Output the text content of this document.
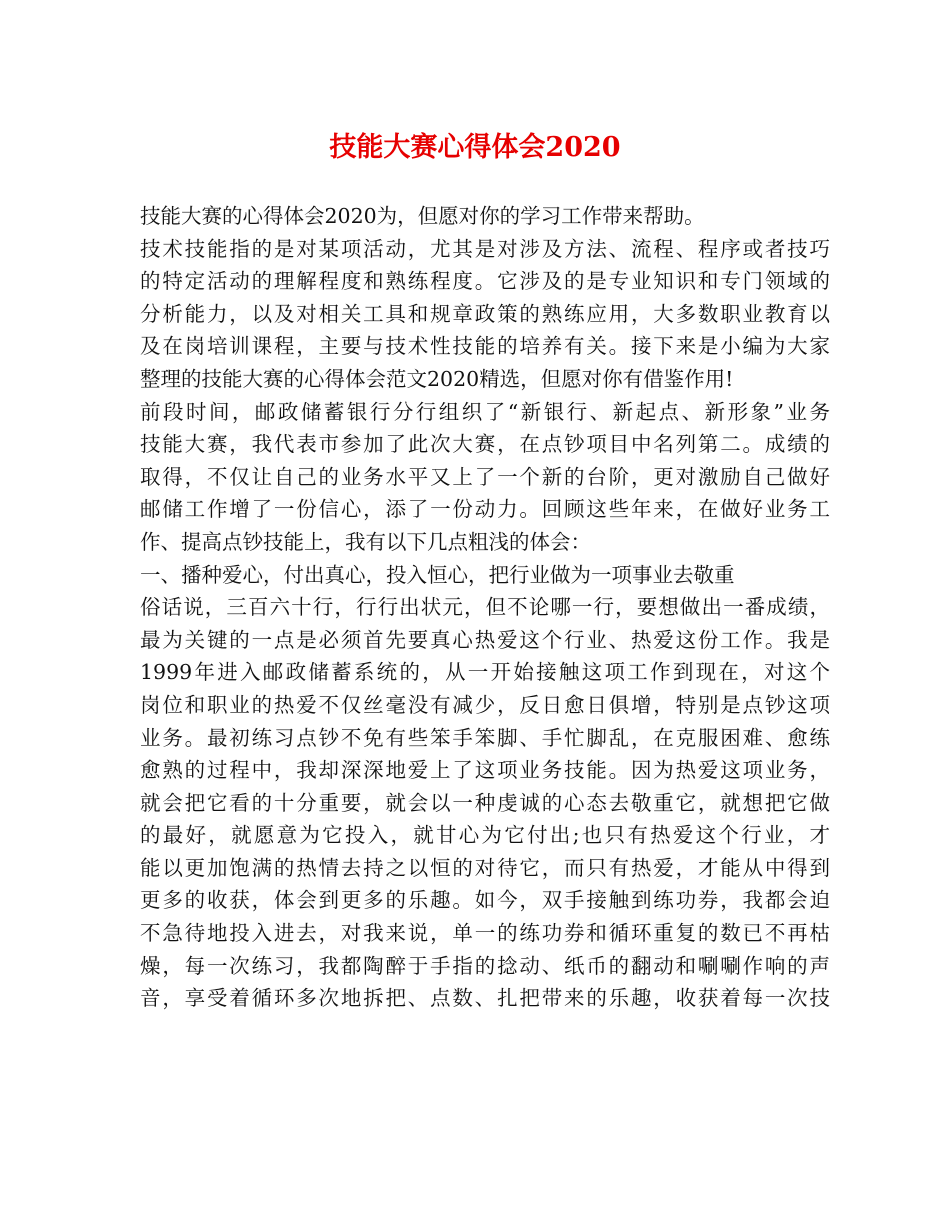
技能大赛心得体会2020
技能大赛的心得体会2020为，但愿对你的学习工作带来帮助。
技术技能指的是对某项活动，尤其是对涉及方法、流程、程序或者技巧
的特定活动的理解程度和熟练程度。它涉及的是专业知识和专门领域的
分析能力，以及对相关工具和规章政策的熟练应用，大多数职业教育以
及在岗培训课程，主要与技术性技能的培养有关。接下来是小编为大家
整理的技能大赛的心得体会范文2020精选，但愿对你有借鉴作用!
前段时间，邮政储蓄银行分行组织了“新银行、新起点、新形象”业务
技能大赛，我代表市参加了此次大赛，在点钞项目中名列第二。成绩的
取得，不仅让自己的业务水平又上了一个新的台阶，更对激励自己做好
邮储工作增了一份信心，添了一份动力。回顾这些年来，在做好业务工
作、提高点钞技能上，我有以下几点粗浅的体会：
一、播种爱心，付出真心，投入恒心，把行业做为一项事业去敬重
俗话说，三百六十行，行行出状元，但不论哪一行，要想做出一番成绩，
最为关键的一点是必须首先要真心热爱这个行业、热爱这份工作。我是
1999年进入邮政储蓄系统的，从一开始接触这项工作到现在，对这个
岗位和职业的热爱不仅丝毫没有减少，反日愈日俱增，特别是点钞这项
业务。最初练习点钞不免有些笨手笨脚、手忙脚乱，在克服困难、愈练
愈熟的过程中，我却深深地爱上了这项业务技能。因为热爱这项业务，
就会把它看的十分重要，就会以一种虔诚的心态去敬重它，就想把它做
的最好，就愿意为它投入，就甘心为它付出;也只有热爱这个行业，才
能以更加饱满的热情去持之以恒的对待它，而只有热爱，才能从中得到
更多的收获，体会到更多的乐趣。如今，双手接触到练功券，我都会迫
不急待地投入进去，对我来说，单一的练功券和循环重复的数已不再枯
燥，每一次练习，我都陶醉于手指的捻动、纸币的翻动和唰唰作响的声
音，享受着循环多次地拆把、点数、扎把带来的乐趣，收获着每一次技
